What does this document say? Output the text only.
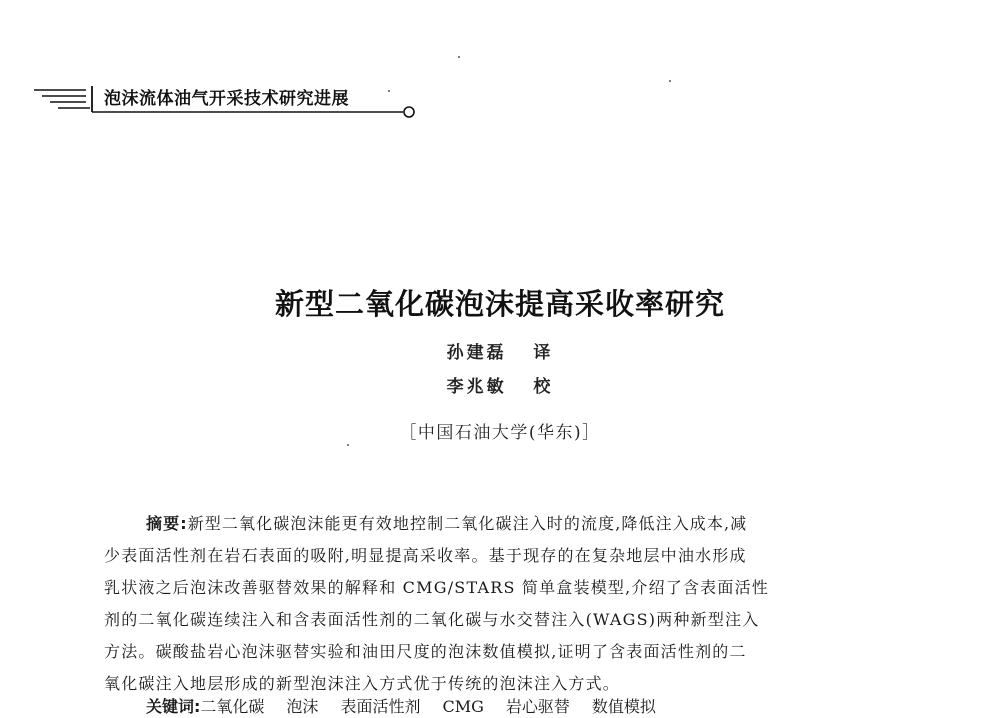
泡沫流体油气开采技术研究进展
新型二氧化碳泡沫提高采收率研究
孙建磊   译
李兆敏   校
［中国石油大学(华东)］
摘要:新型二氧化碳泡沫能更有效地控制二氧化碳注入时的流度,降低注入成本,减
少表面活性剂在岩石表面的吸附,明显提高采收率。基于现存的在复杂地层中油水形成
乳状液之后泡沫改善驱替效果的解释和 CMG/STARS 简单盒装模型,介绍了含表面活性
剂的二氧化碳连续注入和含表面活性剂的二氧化碳与水交替注入(WAGS)两种新型注入
方法。碳酸盐岩心泡沫驱替实验和油田尺度的泡沫数值模拟,证明了含表面活性剂的二
氧化碳注入地层形成的新型泡沫注入方式优于传统的泡沫注入方式。
关键词:二氧化碳 泡沫 表面活性剂 CMG 岩心驱替 数值模拟
